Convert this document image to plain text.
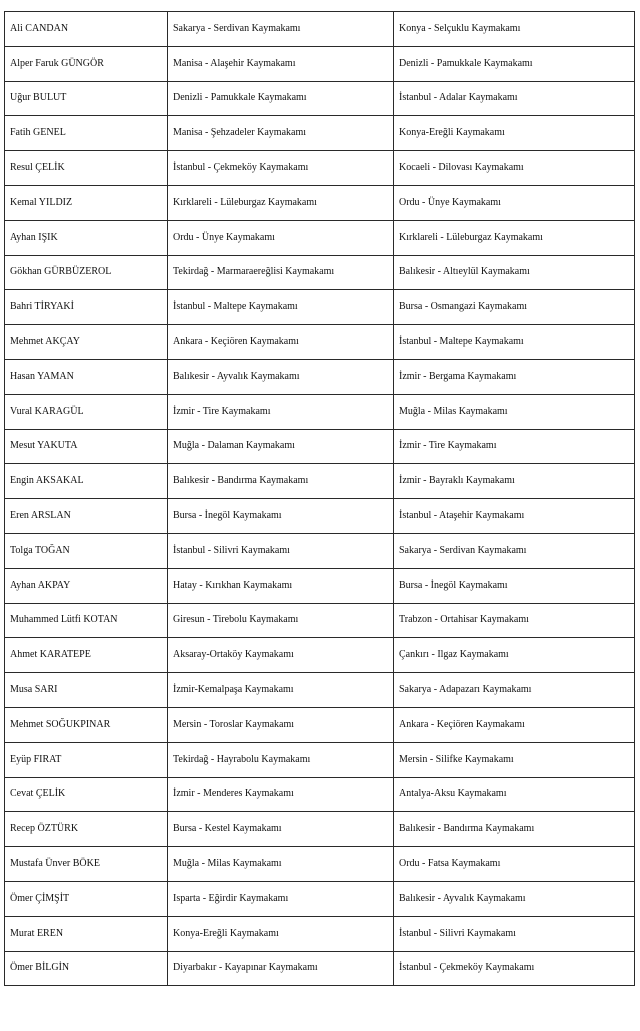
Ali CANDAN	Sakarya - Serdivan Kaymakamı	Konya - Selçuklu Kaymakamı
Alper Faruk GÜNGÖR	Manisa - Alaşehir Kaymakamı	Denizli - Pamukkale Kaymakamı
Uğur BULUT	Denizli - Pamukkale Kaymakamı	İstanbul - Adalar Kaymakamı
Fatih GENEL	Manisa - Şehzadeler Kaymakamı	Konya-Ereğli Kaymakamı
Resul ÇELİK	İstanbul - Çekmeköy Kaymakamı	Kocaeli - Dilovası Kaymakamı
Kemal YILDIZ	Kırklareli - Lüleburgaz Kaymakamı	Ordu - Ünye Kaymakamı
Ayhan IŞIK	Ordu - Ünye Kaymakamı	Kırklareli - Lüleburgaz Kaymakamı
Gökhan GÜRBÜZEROL	Tekirdağ - Marmaraereğlisi Kaymakamı	Balıkesir - Altıeylül Kaymakamı
Bahri TİRYAKİ	İstanbul - Maltepe Kaymakamı	Bursa - Osmangazi Kaymakamı
Mehmet AKÇAY	Ankara - Keçiören Kaymakamı	İstanbul - Maltepe Kaymakamı
Hasan YAMAN	Balıkesir - Ayvalık Kaymakamı	İzmir - Bergama Kaymakamı
Vural KARAGÜL	İzmir - Tire Kaymakamı	Muğla - Milas Kaymakamı
Mesut YAKUTA	Muğla - Dalaman Kaymakamı	İzmir - Tire Kaymakamı
Engin AKSAKAL	Balıkesir - Bandırma Kaymakamı	İzmir - Bayraklı Kaymakamı
Eren ARSLAN	Bursa - İnegöl Kaymakamı	İstanbul - Ataşehir Kaymakamı
Tolga TOĞAN	İstanbul - Silivri Kaymakamı	Sakarya - Serdivan Kaymakamı
Ayhan AKPAY	Hatay - Kırıkhan Kaymakamı	Bursa - İnegöl Kaymakamı
Muhammed Lütfi KOTAN	Giresun - Tirebolu Kaymakamı	Trabzon - Ortahisar Kaymakamı
Ahmet KARATEPE	Aksaray-Ortaköy Kaymakamı	Çankırı - Ilgaz Kaymakamı
Musa SARI	İzmir-Kemalpaşa Kaymakamı	Sakarya - Adapazarı Kaymakamı
Mehmet SOĞUKPINAR	Mersin - Toroslar Kaymakamı	Ankara - Keçiören Kaymakamı
Eyüp FIRAT	Tekirdağ - Hayrabolu Kaymakamı	Mersin - Silifke Kaymakamı
Cevat ÇELİK	İzmir - Menderes Kaymakamı	Antalya-Aksu Kaymakamı
Recep ÖZTÜRK	Bursa - Kestel Kaymakamı	Balıkesir - Bandırma Kaymakamı
Mustafa Ünver BÖKE	Muğla - Milas Kaymakamı	Ordu - Fatsa Kaymakamı
Ömer ÇİMŞİT	Isparta - Eğirdir Kaymakamı	Balıkesir - Ayvalık Kaymakamı
Murat EREN	Konya-Ereğli Kaymakamı	İstanbul - Silivri Kaymakamı
Ömer BİLGİN	Diyarbakır - Kayapınar Kaymakamı	İstanbul - Çekmeköy Kaymakamı
